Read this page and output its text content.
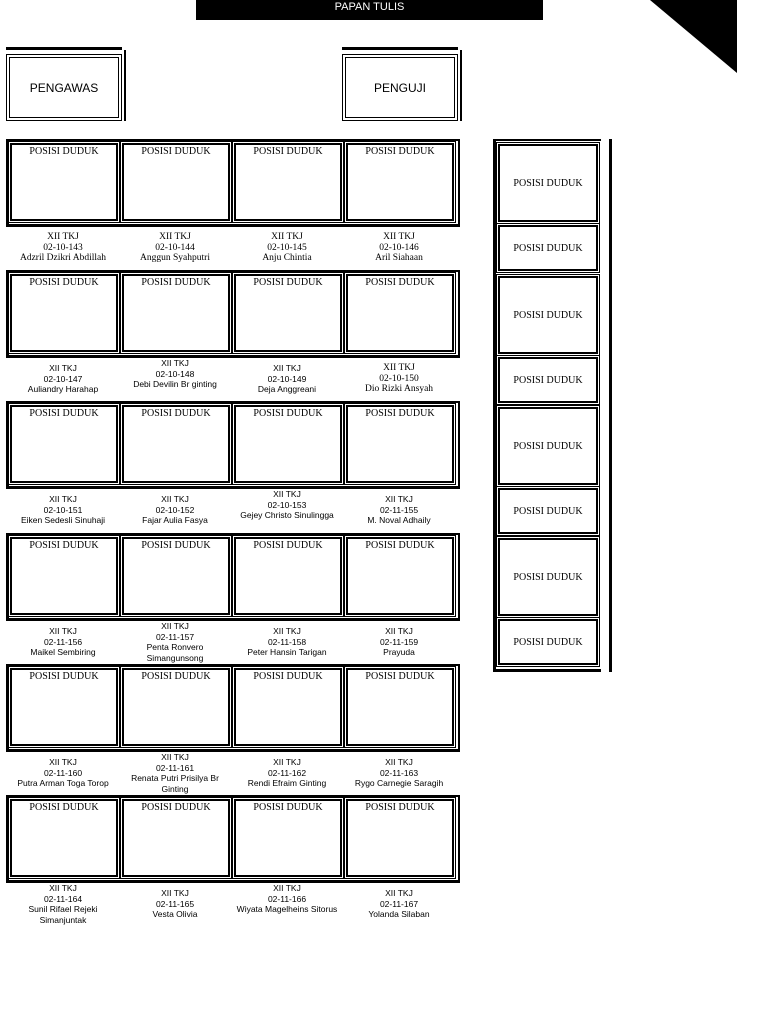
PAPAN TULIS
PENGAWAS	PENGUJI
POSISI DUDUK	POSISI DUDUK	POSISI DUDUK	POSISI DUDUK
XII TKJ
02-10-143
Adzril Dzikri Abdillah
XII TKJ
02-10-144
Anggun Syahputri
XII TKJ
02-10-145
Anju Chintia
XII TKJ
02-10-146
Aril Siahaan
POSISI DUDUK	POSISI DUDUK	POSISI DUDUK	POSISI DUDUK
XII TKJ
02-10-147
Auliandry Harahap
XII TKJ
02-10-148
Debi Devilin Br ginting
XII TKJ
02-10-149
Deja Anggreani
XII TKJ
02-10-150
Dio Rizki Ansyah
POSISI DUDUK	POSISI DUDUK	POSISI DUDUK	POSISI DUDUK
XII TKJ
02-10-151
Eiken Sedesli Sinuhaji
XII TKJ
02-10-152
Fajar Aulia Fasya
XII TKJ
02-10-153
Gejey Christo Sinulingga
XII TKJ
02-11-155
M. Noval Adhaily
POSISI DUDUK	POSISI DUDUK	POSISI DUDUK	POSISI DUDUK
XII TKJ
02-11-156
Maikel Sembiring
XII TKJ
02-11-157
Penta Ronvero Simangunsong
XII TKJ
02-11-158
Peter Hansin Tarigan
XII TKJ
02-11-159
Prayuda
POSISI DUDUK	POSISI DUDUK	POSISI DUDUK	POSISI DUDUK
XII TKJ
02-11-160
Putra Arman Toga Torop
XII TKJ
02-11-161
Renata Putri Prisilya Br Ginting
XII TKJ
02-11-162
Rendi Efraim Ginting
XII TKJ
02-11-163
Rygo Carnegie Saragih
POSISI DUDUK	POSISI DUDUK	POSISI DUDUK	POSISI DUDUK
XII TKJ
02-11-164
Sunil Rifael Rejeki Simanjuntak
XII TKJ
02-11-165
Vesta Olivia
XII TKJ
02-11-166
Wiyata Magelheins Sitorus
XII TKJ
02-11-167
Yolanda Silaban
POSISI DUDUK
POSISI DUDUK
POSISI DUDUK
POSISI DUDUK
POSISI DUDUK
POSISI DUDUK
POSISI DUDUK
POSISI DUDUK
